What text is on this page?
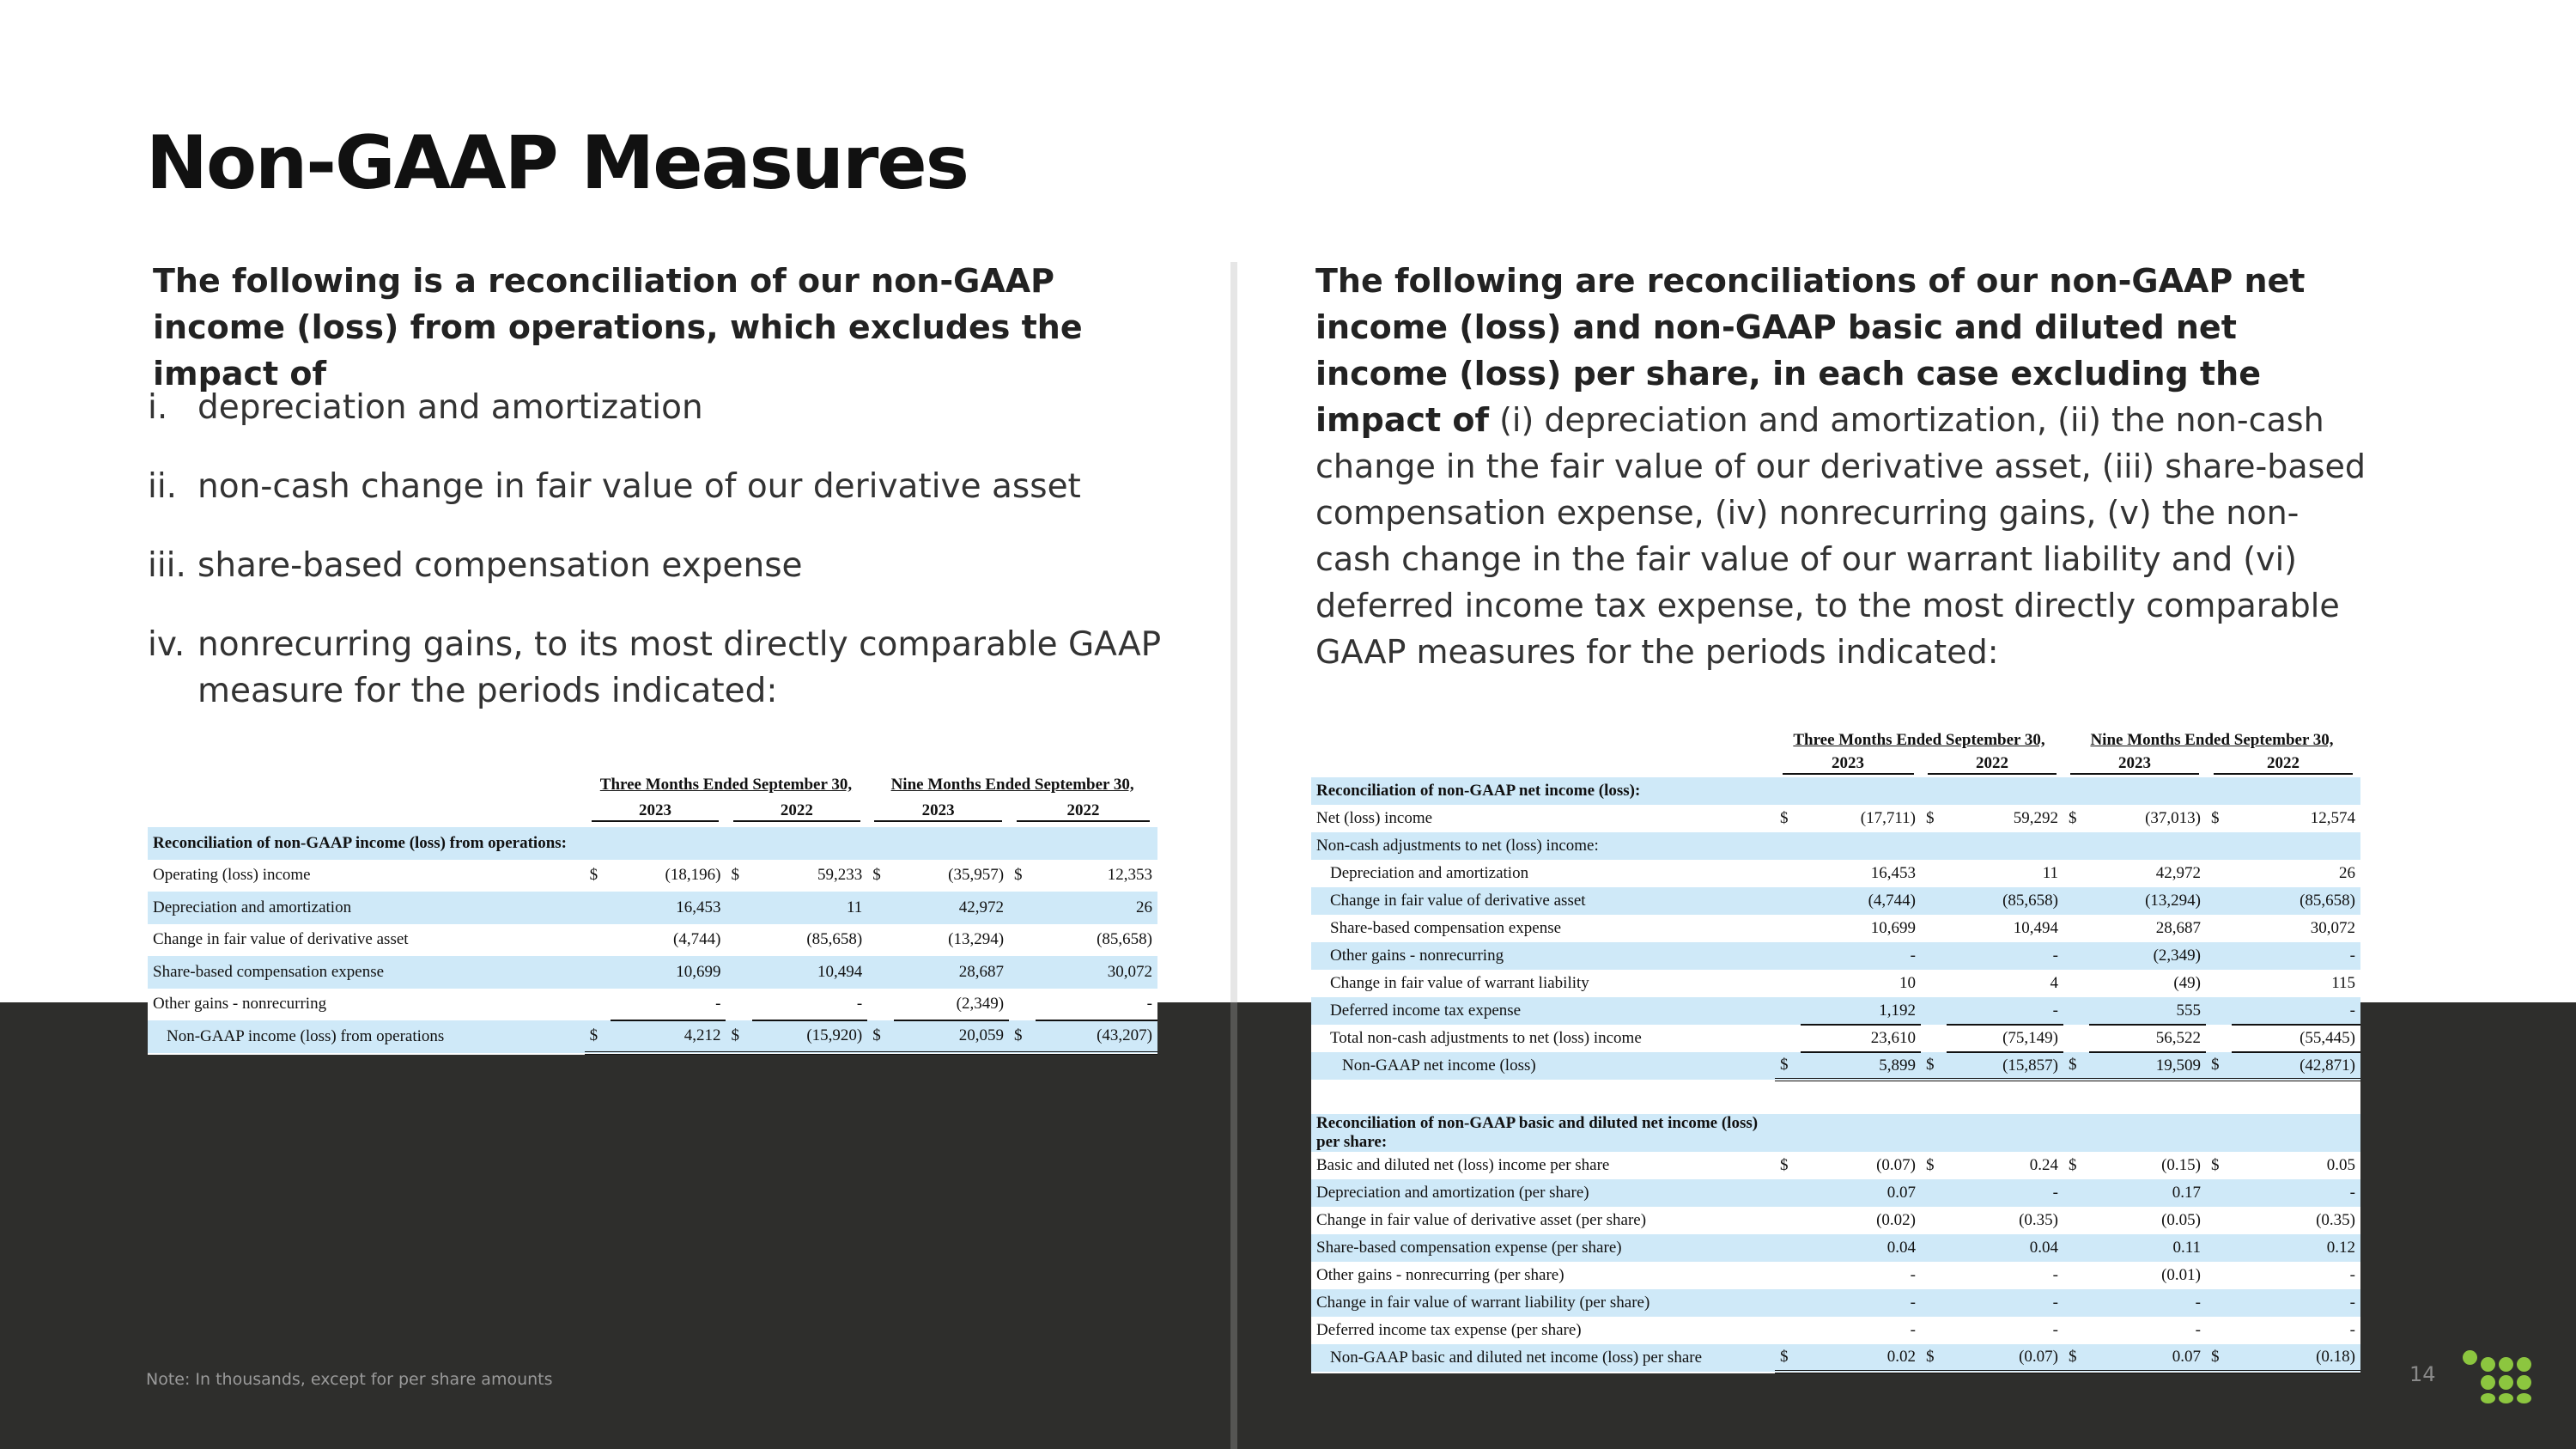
Non-GAAP Measures

The following is a reconciliation of our non-GAAP income (loss) from operations, which excludes the impact of

i. depreciation and amortization
ii. non-cash change in fair value of our derivative asset
iii. share-based compensation expense
iv. nonrecurring gains, to its most directly comparable GAAP measure for the periods indicated:

The following are reconciliations of our non-GAAP net income (loss) and non-GAAP basic and diluted net income (loss) per share, in each case excluding the impact of (i) depreciation and amortization, (ii) the non-cash change in the fair value of our derivative asset, (iii) share-based compensation expense, (iv) nonrecurring gains, (v) the non-cash change in the fair value of our warrant liability and (vi) deferred income tax expense, to the most directly comparable GAAP measures for the periods indicated:

	Three Months Ended September 30,				Nine Months Ended September 30,			
	2023		2022		2023		2022	
Reconciliation of non-GAAP income (loss) from operations:								
Operating (loss) income	$	(18,196)	$	59,233	$	(35,957)	$	12,353
Depreciation and amortization		16,453		11		42,972		26
Change in fair value of derivative asset		(4,744)		(85,658)		(13,294)		(85,658)
Share-based compensation expense		10,699		10,494		28,687		30,072
Other gains - nonrecurring		-		-		(2,349)		-
Non-GAAP income (loss) from operations	$	4,212	$	(15,920)	$	20,059	$	(43,207)
	Three Months Ended September 30,				Nine Months Ended September 30,			
	2023		2022		2023		2022	
Reconciliation of non-GAAP net income (loss):								
Net (loss) income	$	(17,711)	$	59,292	$	(37,013)	$	12,574
Non-cash adjustments to net (loss) income:								
Depreciation and amortization		16,453		11		42,972		26
Change in fair value of derivative asset		(4,744)		(85,658)		(13,294)		(85,658)
Share-based compensation expense		10,699		10,494		28,687		30,072
Other gains - nonrecurring		-		-		(2,349)		-
Change in fair value of warrant liability		10		4		(49)		115
Deferred income tax expense		1,192		-		555		-
Total non-cash adjustments to net (loss) income		23,610		(75,149)		56,522		(55,445)
Non-GAAP net income (loss)	$	5,899	$	(15,857)	$	19,509	$	(42,871)

Reconciliation of non-GAAP basic and diluted net income (loss) per share:								
Basic and diluted net (loss) income per share	$	(0.07)	$	0.24	$	(0.15)	$	0.05
Depreciation and amortization (per share)		0.07		-		0.17		-
Change in fair value of derivative asset (per share)		(0.02)		(0.35)		(0.05)		(0.35)
Share-based compensation expense (per share)		0.04		0.04		0.11		0.12
Other gains - nonrecurring (per share)		-		-		(0.01)		-
Change in fair value of warrant liability (per share)		-		-		-		-
Deferred income tax expense (per share)		-		-		-		-
Non-GAAP basic and diluted net income (loss) per share	$	0.02	$	(0.07)	$	0.07	$	(0.18)
Note: In thousands, except for per share amounts	14
